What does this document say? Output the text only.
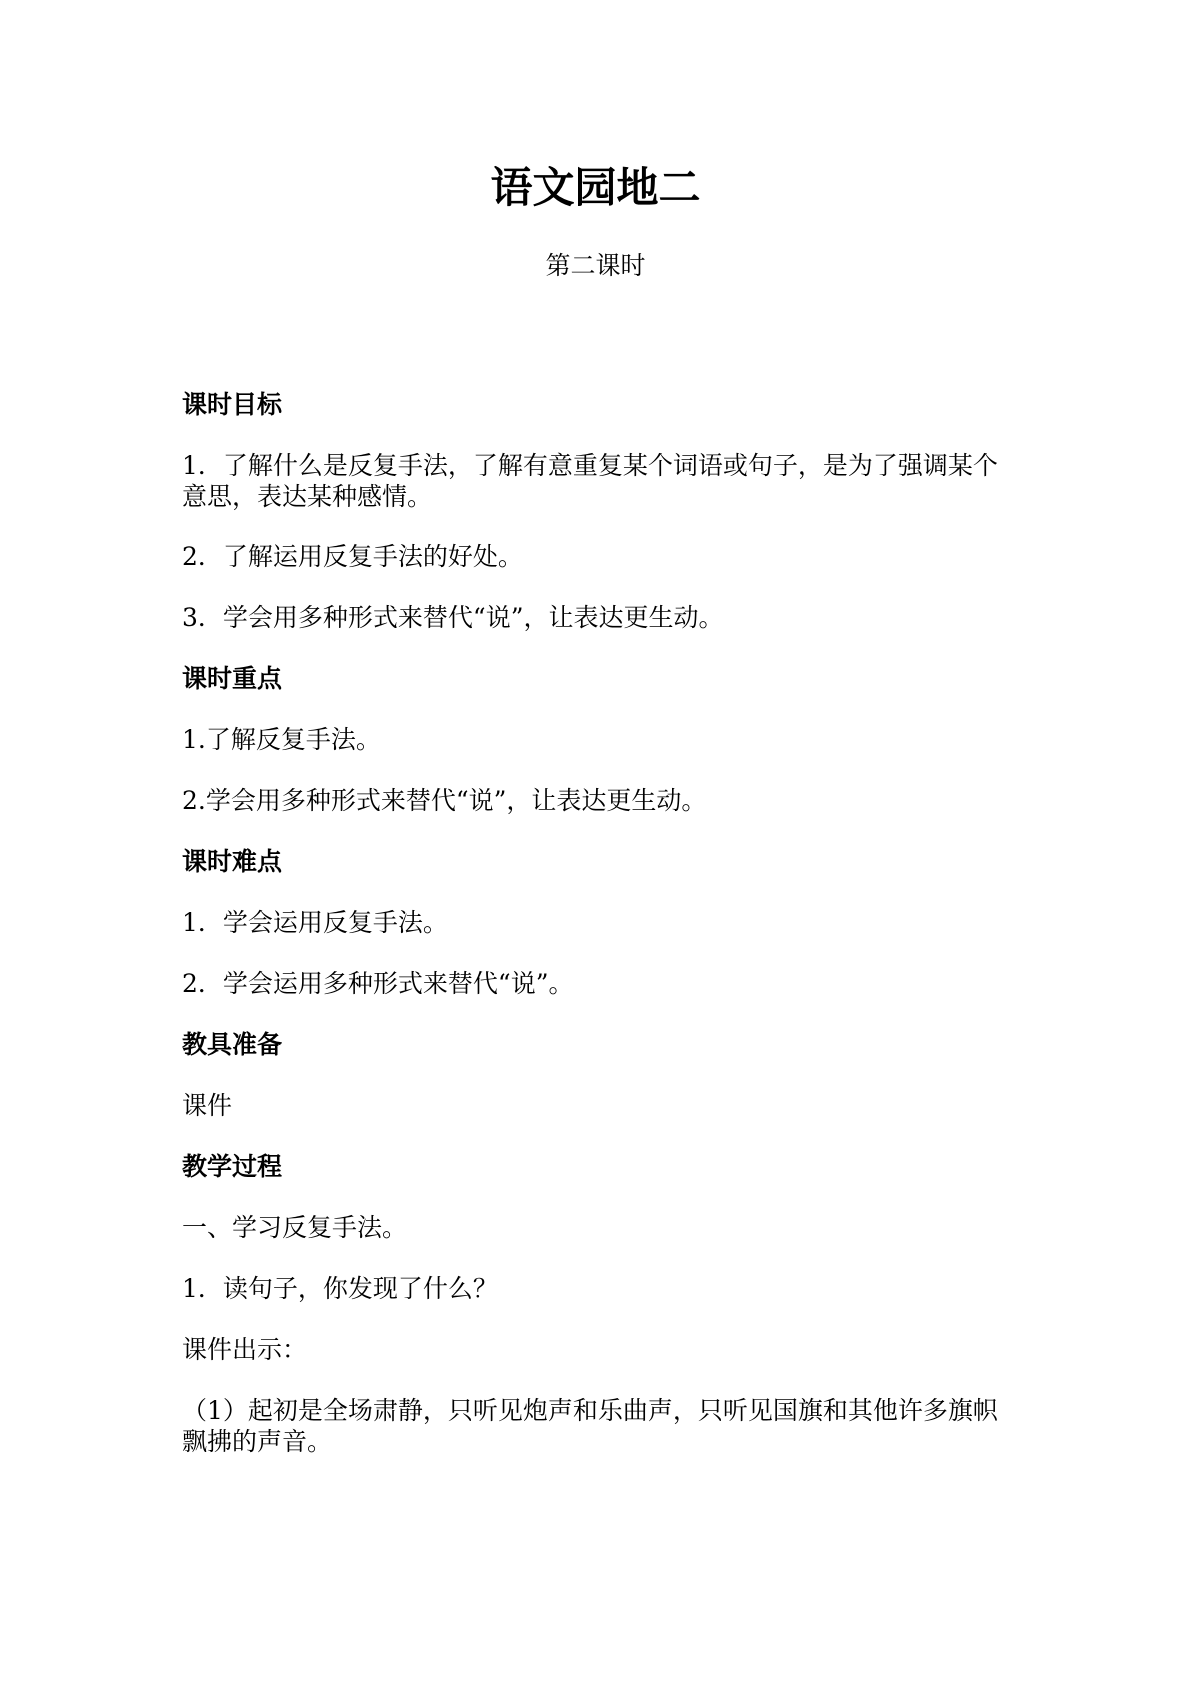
语文园地二

第二课时

课时目标

1．了解什么是反复手法，了解有意重复某个词语或句子，是为了强调某个意思，表达某种感情。

2．了解运用反复手法的好处。

3．学会用多种形式来替代“说”，让表达更生动。

课时重点

1.了解反复手法。

2.学会用多种形式来替代“说”，让表达更生动。

课时难点

1．学会运用反复手法。

2．学会运用多种形式来替代“说”。

教具准备

课件

教学过程

一、学习反复手法。

1．读句子，你发现了什么？

课件出示：

（1）起初是全场肃静，只听见炮声和乐曲声，只听见国旗和其他许多旗帜飘拂的声音。
